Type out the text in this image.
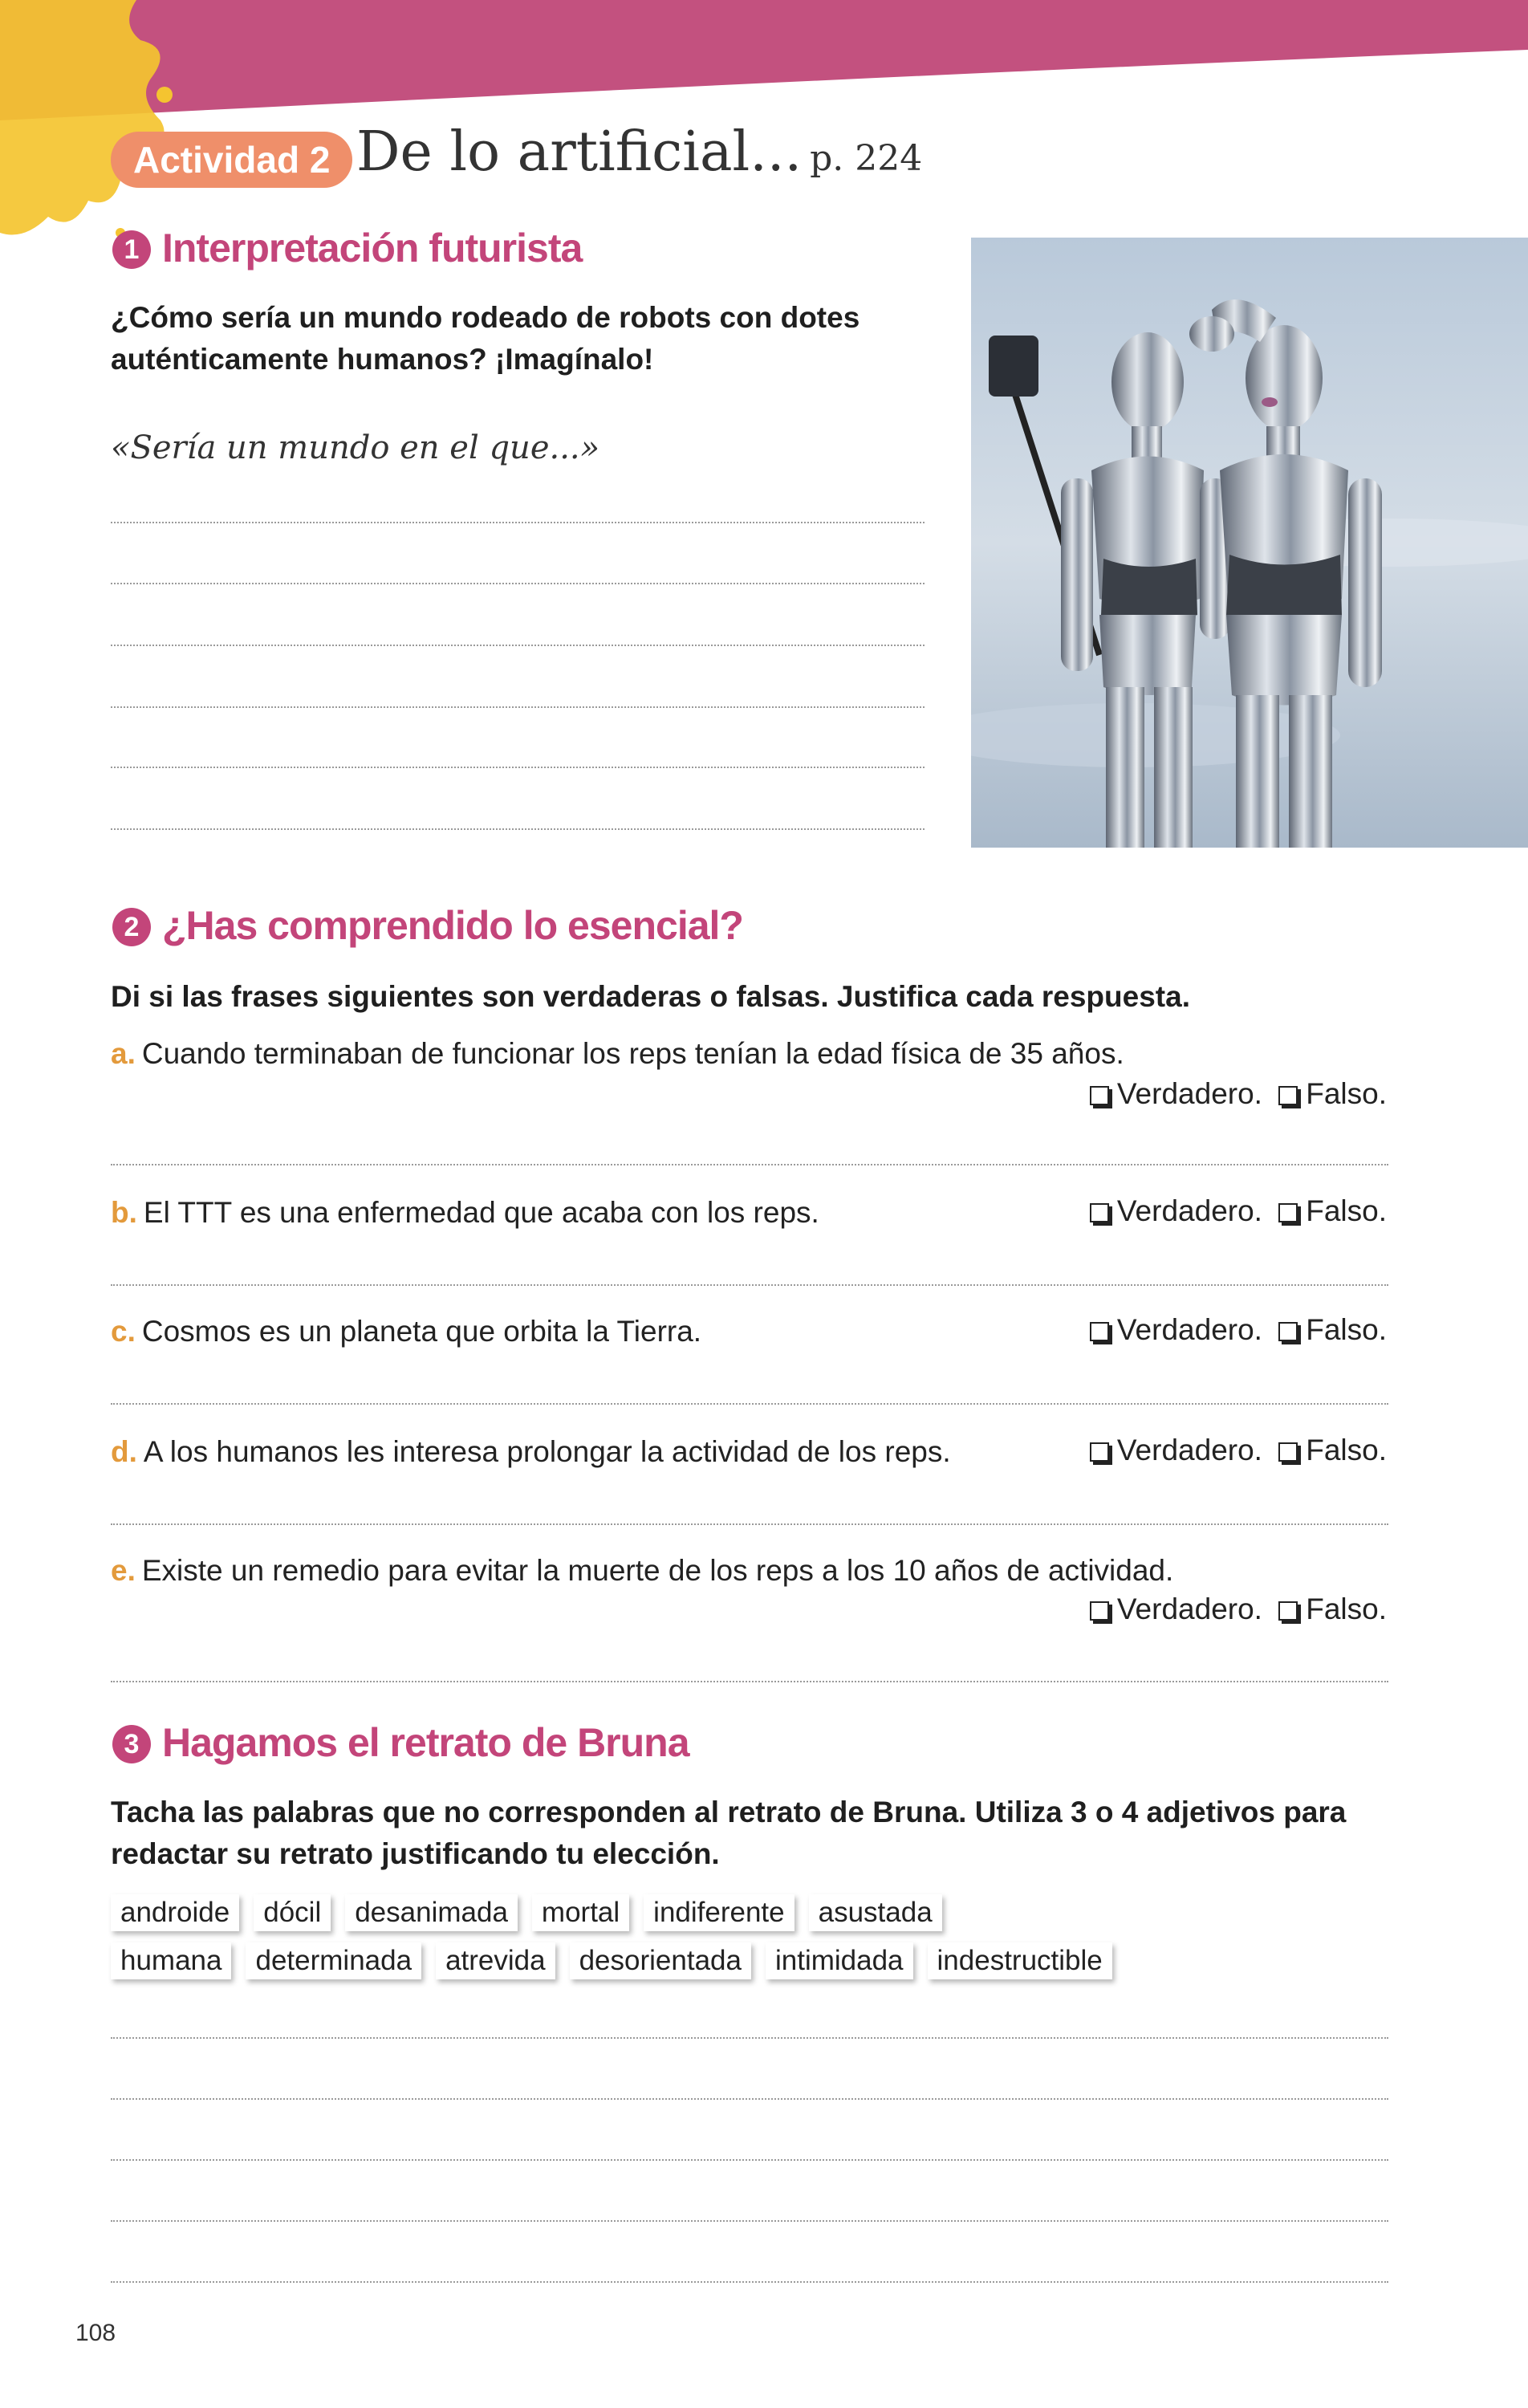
Actividad 2 De lo artificial... p. 224
1 Interpretación futurista
¿Cómo sería un mundo rodeado de robots con dotes
auténticamente humanos? ¡Imagínalo!
«Sería un mundo en el que...»
2 ¿Has comprendido lo esencial?
Di si las frases siguientes son verdaderas o falsas. Justifica cada respuesta.
a. Cuando terminaban de funcionar los reps tenían la edad física de 35 años.
Verdadero. Falso.
b. El TTT es una enfermedad que acaba con los reps.	Verdadero. Falso.
c. Cosmos es un planeta que orbita la Tierra.	Verdadero. Falso.
d. A los humanos les interesa prolongar la actividad de los reps.	Verdadero. Falso.
e. Existe un remedio para evitar la muerte de los reps a los 10 años de actividad.
Verdadero. Falso.
3 Hagamos el retrato de Bruna
Tacha las palabras que no corresponden al retrato de Bruna. Utiliza 3 o 4 adjetivos para
redactar su retrato justificando tu elección.
androide	dócil	desanimada	mortal	indiferente	asustada
humana	determinada	atrevida	desorientada	intimidada	indestructible
108
